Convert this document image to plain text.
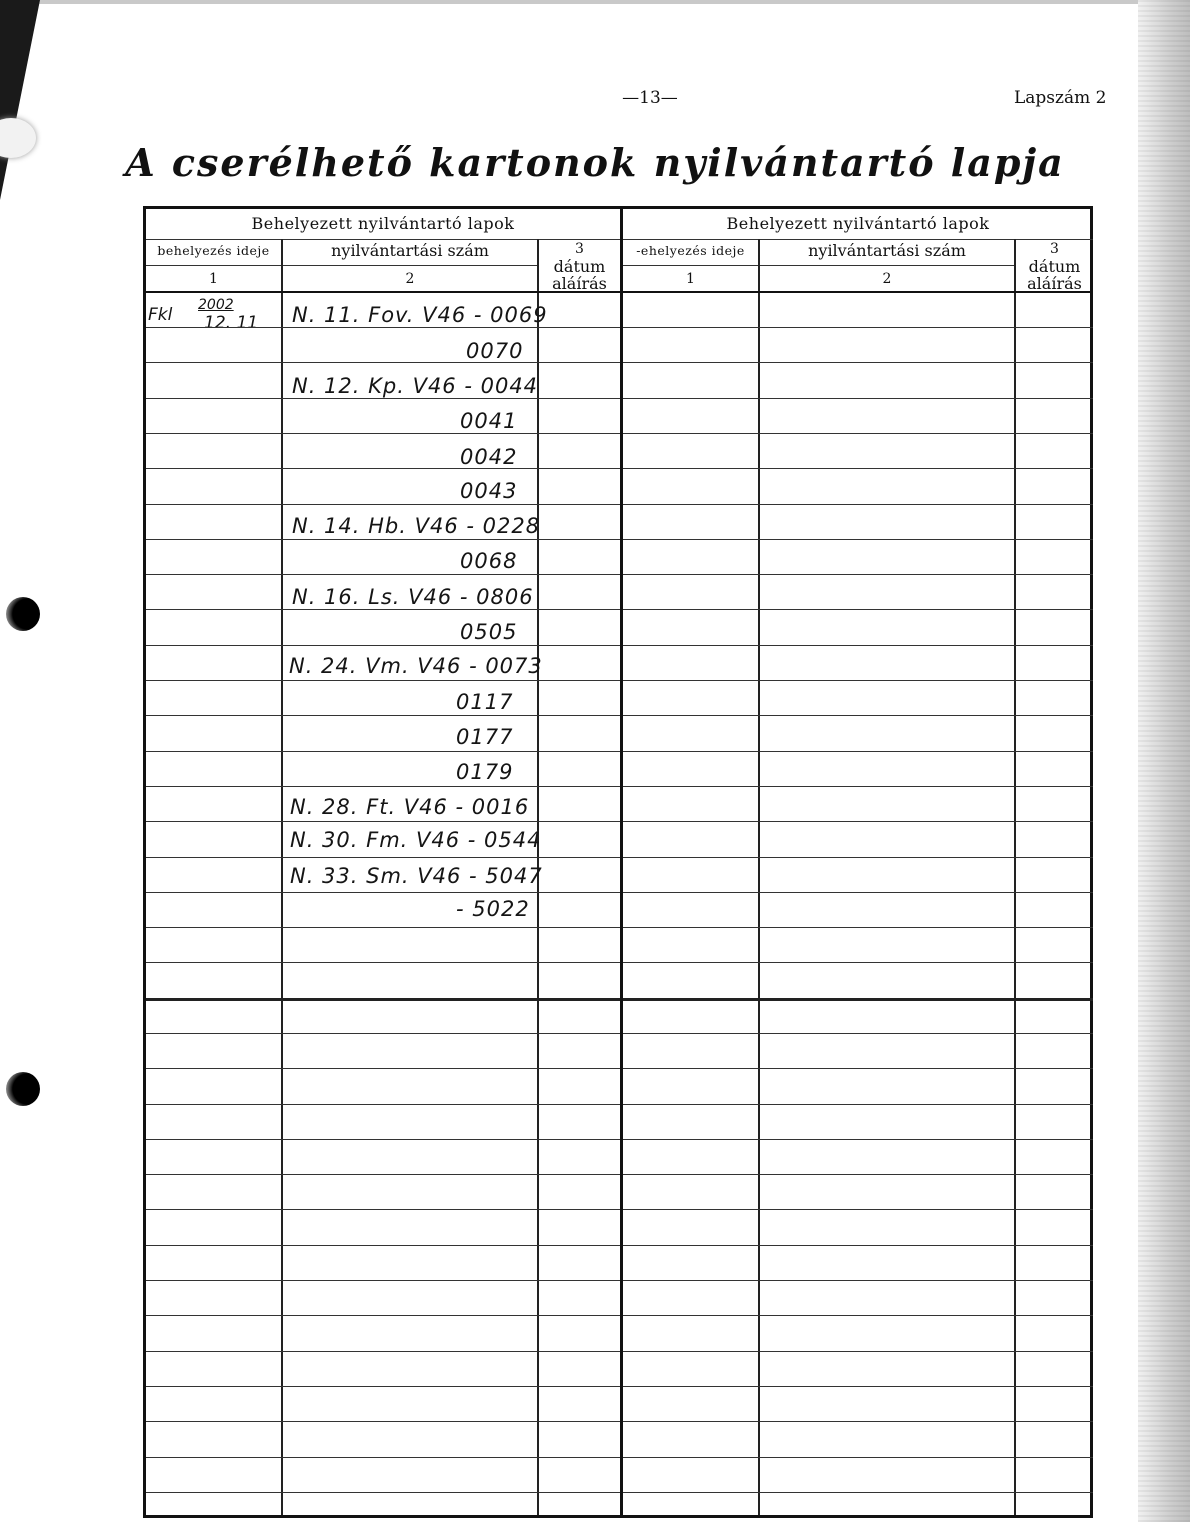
—13—	Lapszám 2
A cserélhető kartonok nyilvántartó lapja
Behelyezett nyilvántartó lapok
behelyezés ideje
1
nyilvántartási szám
2
3
dátum
aláírás
Fkl 2002
12. 11 N. 11. Fov. V46 - 0069
0070
N. 12. Kp. V46 - 0044
0041
0042
0043
N. 14. Hb. V46 - 0228
0068
N. 16. Ls. V46 - 0806
0505
N. 24. Vm. V46 - 0073
0117
0177
0179
N. 28. Ft. V46 - 0016
N. 30. Fm. V46 - 0544
N. 33. Sm. V46 - 5047
- 5022
Behelyezett nyilvántartó lapok
-ehelyezés ideje
1
nyilvántartási szám
2
3
dátum
aláírás
